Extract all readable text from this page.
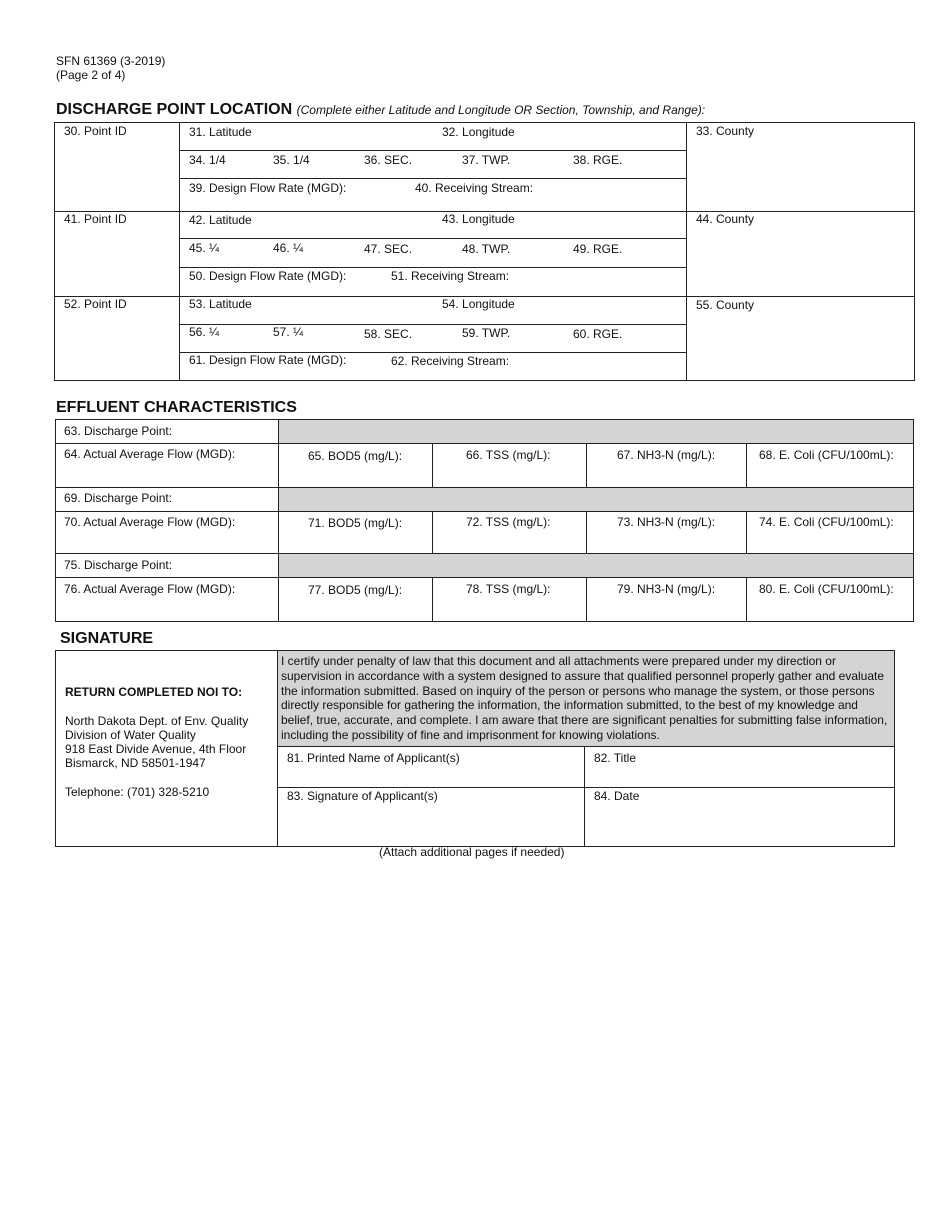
SFN 61369 (3-2019)
(Page 2 of 4)
DISCHARGE POINT LOCATION (Complete either Latitude and Longitude OR Section, Township, and Range):
30. Point ID	31. Latitude	32. Longitude	33. County
34. 1/4	35. 1/4	36. SEC.	37. TWP.	38. RGE.
39. Design Flow Rate (MGD):	40. Receiving Stream:
41. Point ID	42. Latitude	43. Longitude	44. County
45. ¼	46. ¼	47. SEC.	48. TWP.	49. RGE.
50. Design Flow Rate (MGD):	51. Receiving Stream:
52. Point ID	53. Latitude	54. Longitude	55. County
56. ¼	57. ¼	58. SEC.	59. TWP.	60. RGE.
61. Design Flow Rate (MGD):	62. Receiving Stream:
EFFLUENT CHARACTERISTICS
63. Discharge Point:
64. Actual Average Flow (MGD):	65. BOD5 (mg/L):	66. TSS (mg/L):	67. NH3-N (mg/L):	68. E. Coli (CFU/100mL):
69. Discharge Point:
70. Actual Average Flow (MGD):	71. BOD5 (mg/L):	72. TSS (mg/L):	73. NH3-N (mg/L):	74. E. Coli (CFU/100mL):
75. Discharge Point:
76. Actual Average Flow (MGD):	77. BOD5 (mg/L):	78. TSS (mg/L):	79. NH3-N (mg/L):	80. E. Coli (CFU/100mL):
SIGNATURE
RETURN COMPLETED NOI TO:
North Dakota Dept. of Env. Quality
Division of Water Quality
918 East Divide Avenue, 4th Floor
Bismarck, ND 58501-1947
Telephone: (701) 328-5210
I certify under penalty of law that this document and all attachments were prepared under my direction or supervision in accordance with a system designed to assure that qualified personnel properly gather and evaluate the information submitted. Based on inquiry of the person or persons who manage the system, or those persons directly responsible for gathering the information, the information submitted, to the best of my knowledge and belief, true, accurate, and complete. I am aware that there are significant penalties for submitting false information, including the possibility of fine and imprisonment for knowing violations.
81. Printed Name of Applicant(s)	82. Title
83. Signature of Applicant(s)	84. Date
(Attach additional pages if needed)
